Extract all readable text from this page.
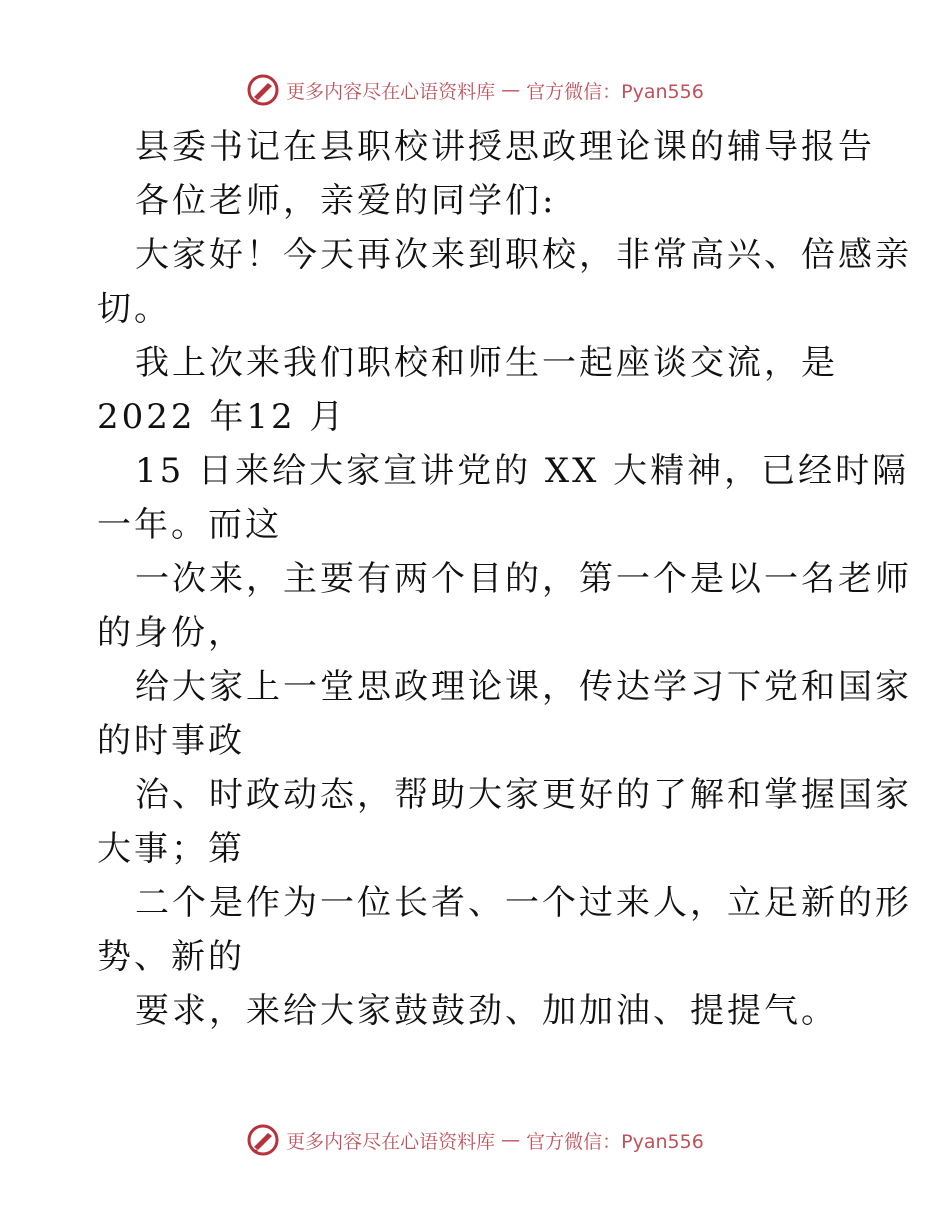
更多内容尽在心语资料库 — 官方微信：Pyan556
县委书记在县职校讲授思政理论课的辅导报告
各位老师，亲爱的同学们:
大家好！今天再次来到职校，非常高兴、倍感亲
切。
我上次来我们职校和师生一起座谈交流，是
2022 年12 月
15 日来给大家宣讲党的 XX 大精神，已经时隔
一年。而这
一次来，主要有两个目的，第一个是以一名老师
的身份，
给大家上一堂思政理论课，传达学习下党和国家
的时事政
治、时政动态，帮助大家更好的了解和掌握国家
大事；第
二个是作为一位长者、一个过来人，立足新的形
势、新的
要求，来给大家鼓鼓劲、加加油、提提气。
更多内容尽在心语资料库 — 官方微信：Pyan556
